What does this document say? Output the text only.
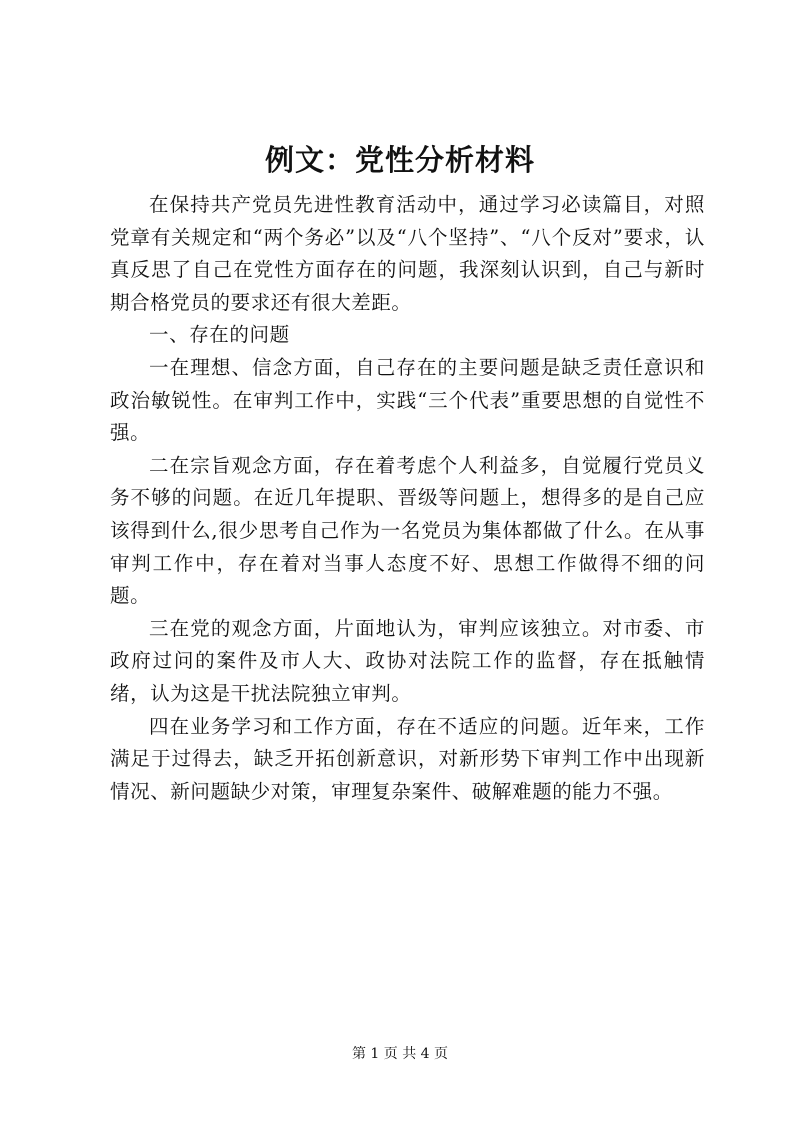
例文：党性分析材料

在保持共产党员先进性教育活动中，通过学习必读篇目，对照党章有关规定和“两个务必”以及“八个坚持”、“八个反对”要求，认真反思了自己在党性方面存在的问题，我深刻认识到，自己与新时期合格党员的要求还有很大差距。

一、存在的问题

一在理想、信念方面，自己存在的主要问题是缺乏责任意识和政治敏锐性。在审判工作中，实践“三个代表”重要思想的自觉性不强。

二在宗旨观念方面，存在着考虑个人利益多，自觉履行党员义务不够的问题。在近几年提职、晋级等问题上，想得多的是自己应该得到什么,很少思考自己作为一名党员为集体都做了什么。在从事审判工作中，存在着对当事人态度不好、思想工作做得不细的问题。

三在党的观念方面，片面地认为，审判应该独立。对市委、市政府过问的案件及市人大、政协对法院工作的监督，存在抵触情绪，认为这是干扰法院独立审判。

四在业务学习和工作方面，存在不适应的问题。近年来，工作满足于过得去，缺乏开拓创新意识，对新形势下审判工作中出现新情况、新问题缺少对策，审理复杂案件、破解难题的能力不强。

第 1 页 共 4 页
